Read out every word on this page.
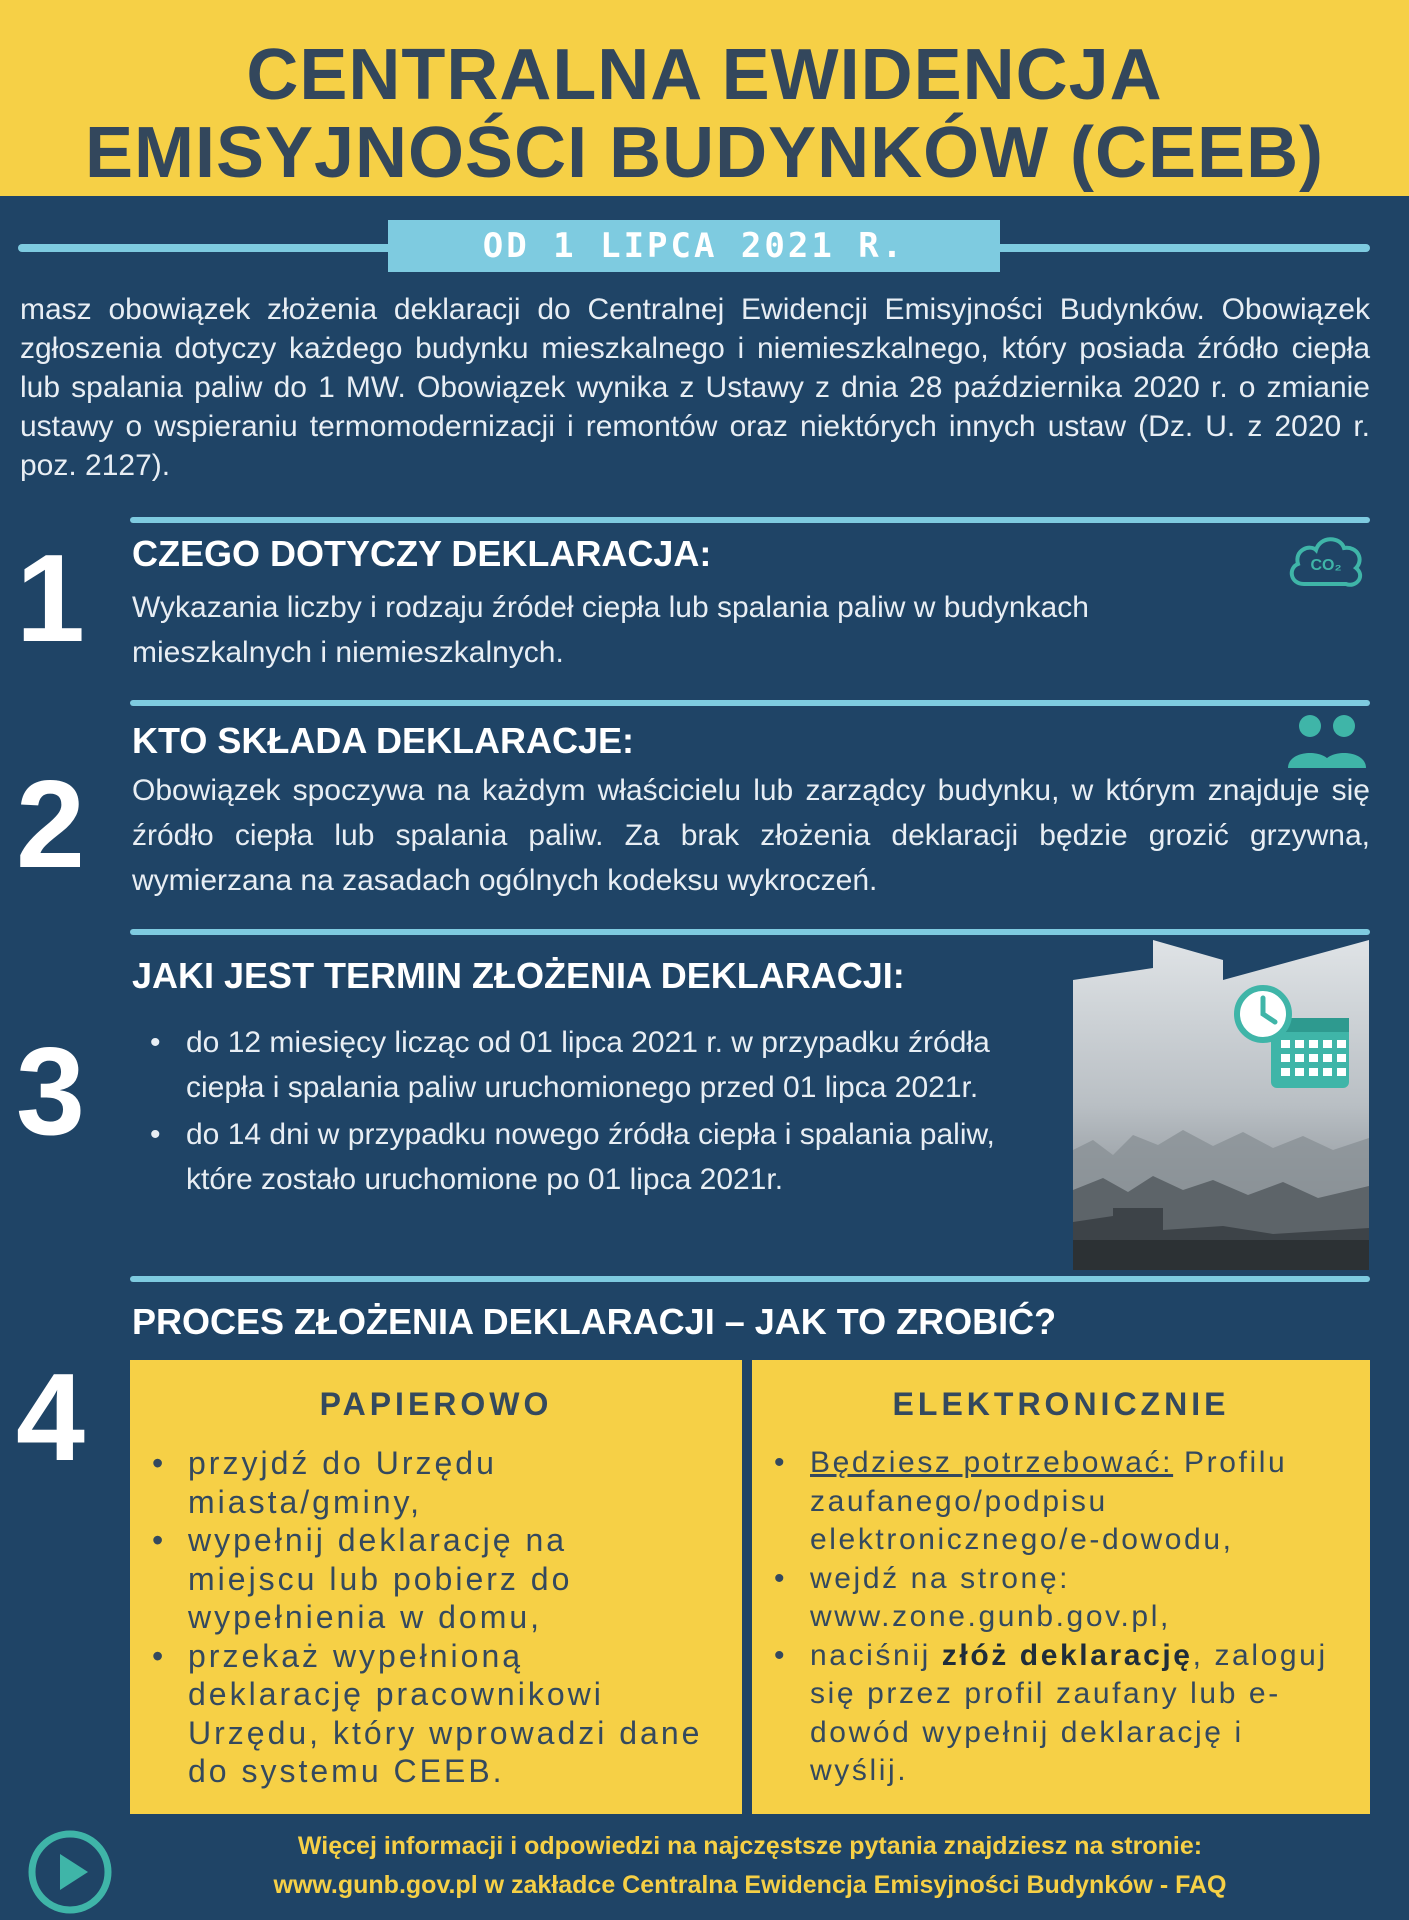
CENTRALNA EWIDENCJA
EMISYJNOŚCI BUDYNKÓW (CEEB)
OD 1 LIPCA 2021 R.

masz obowiązek złożenia deklaracji do Centralnej Ewidencji Emisyjności Budynków. Obowiązek zgłoszenia dotyczy każdego budynku mieszkalnego i niemieszkalnego, który posiada źródło ciepła lub spalania paliw do 1 MW. Obowiązek wynika z Ustawy z dnia 28 października 2020 r. o zmianie ustawy o wspieraniu termomodernizacji i remontów oraz niektórych innych ustaw (Dz. U. z 2020 r. poz. 2127).

1 CZEGO DOTYCZY DEKLARACJA:

Wykazania liczby i rodzaju źródeł ciepła lub spalania paliw w budynkach mieszkalnych i niemieszkalnych.

CO₂
2
KTO SKŁADA DEKLARACJE:

Obowiązek spoczywa na każdym właścicielu lub zarządcy budynku, w którym znajduje się źródło ciepła lub spalania paliw. Za brak złożenia deklaracji będzie grozić grzywna, wymierzana na zasadach ogólnych kodeksu wykroczeń.

3
JAKI JEST TERMIN ZŁOŻENIA DEKLARACJI:
• do 12 miesięcy licząc od 01 lipca 2021 r. w przypadku źródła ciepła i spalania paliw uruchomionego przed 01 lipca 2021r.
• do 14 dni w przypadku nowego źródła ciepła i spalania paliw, które zostało uruchomione po 01 lipca 2021r.
4
PROCES ZŁOŻENIA DEKLARACJI – JAK TO ZROBIĆ?
PAPIEROWO
• przyjdź do Urzędu miasta/gminy,
• wypełnij deklarację na miejscu lub pobierz do wypełnienia w domu,
• przekaż wypełnioną deklarację pracownikowi Urzędu, który wprowadzi dane do systemu CEEB.
ELEKTRONICZNIE
• Będziesz potrzebować: Profilu zaufanego/podpisu elektronicznego/e-dowodu,
• wejdź na stronę: www.zone.gunb.gov.pl,
• naciśnij złóż deklarację, zaloguj się przez profil zaufany lub e-dowód wypełnij deklarację i wyślij.

Więcej informacji i odpowiedzi na najczęstsze pytania znajdziesz na stronie:
www.gunb.gov.pl w zakładce Centralna Ewidencja Emisyjności Budynków - FAQ
